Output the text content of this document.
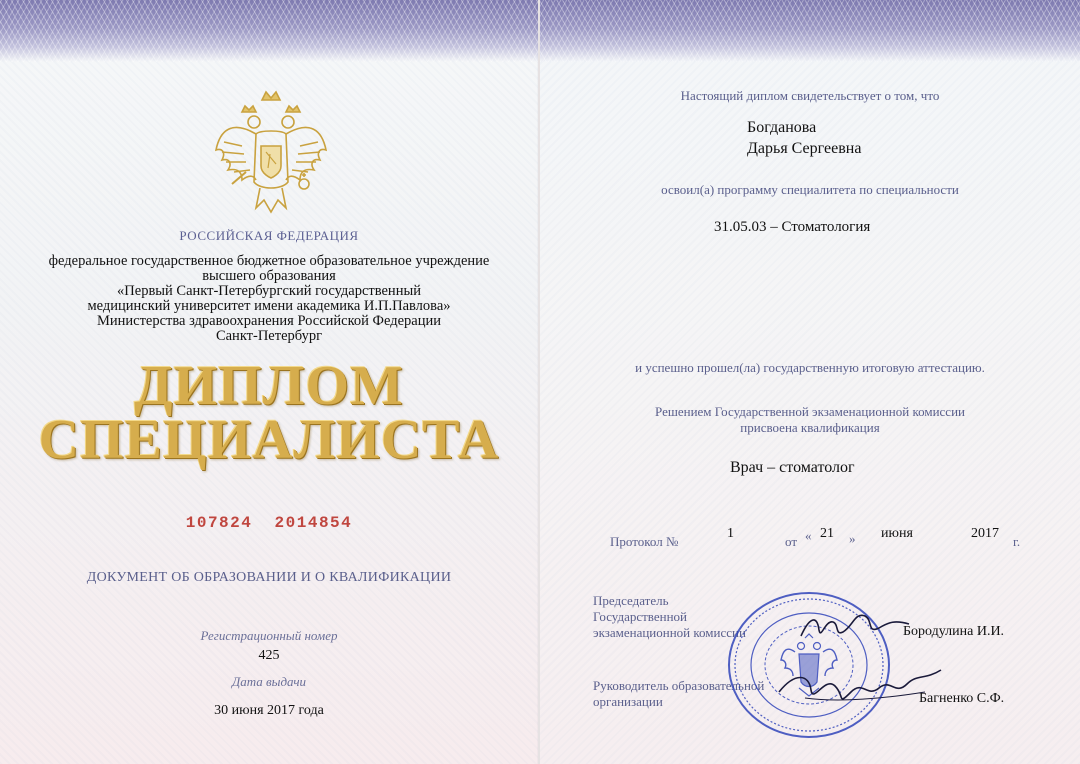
РОССИЙСКАЯ ФЕДЕРАЦИЯ
федеральное государственное бюджетное образовательное учреждение
высшего образования
«Первый Санкт-Петербургский государственный
медицинский университет имени академика И.П.Павлова»
Министерства здравоохранения Российской Федерации
Санкт-Петербург
ДИПЛОМ
СПЕЦИАЛИСТА
107824  2014854
ДОКУМЕНТ ОБ ОБРАЗОВАНИИ И О КВАЛИФИКАЦИИ
Регистрационный номер
425
Дата выдачи
30 июня 2017 года
Настоящий диплом свидетельствует о том, что
Богданова
Дарья Сергеевна
освоил(а) программу специалитета по специальности
31.05.03 – Стоматология
и успешно прошел(ла) государственную итоговую аттестацию.
Решением Государственной экзаменационной комиссии
присвоена квалификация
Врач – стоматолог
Протокол №
1
от « 21 » июня	2017
г.
Председатель
Государственной
экзаменационной комиссии
Руководитель образовательной
организации
Бородулина И.И.
Багненко С.Ф.
